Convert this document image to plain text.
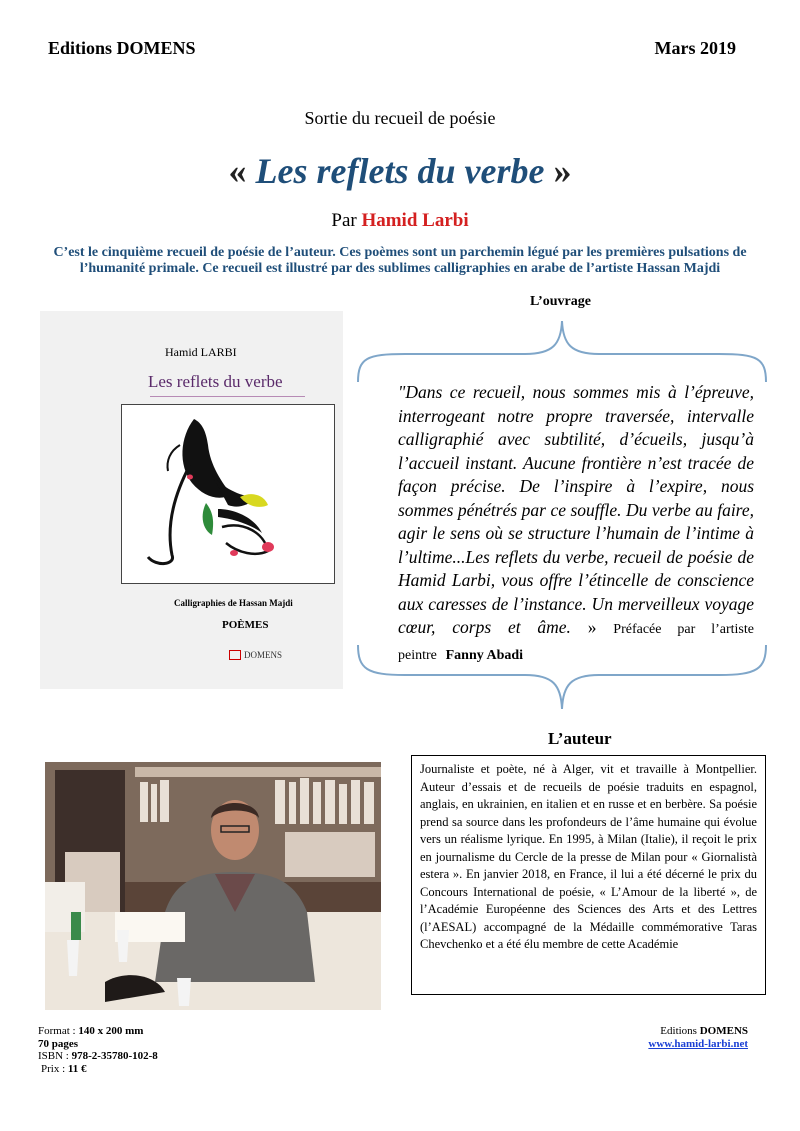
Editions DOMENS	Mars 2019
Sortie du recueil de poésie
« Les reflets du verbe »
Par Hamid Larbi
C’est le cinquième recueil de poésie de l’auteur. Ces poèmes sont un parchemin légué par les premières pulsations de l’humanité primale. Ce recueil est illustré par des sublimes calligraphies en arabe de l’artiste Hassan Majdi
L’ouvrage
Hamid LARBI
Les reflets du verbe
Calligraphies de Hassan Majdi
POÈMES
DOMENS
"Dans ce recueil, nous sommes mis à l’épreuve, interrogeant notre propre traversée, intervalle calligraphié avec subtilité, d’écueils, jusqu’à l’accueil instant. Aucune frontière n’est tracée de façon précise. De l’inspire à l’expire, nous sommes pénétrés par ce souffle. Du verbe au faire, agir le sens où se structure l’humain de l’intime à l’ultime...Les reflets du verbe, recueil de poésie de Hamid Larbi, vous offre l’étincelle de conscience aux caresses de l’instance. Un merveilleux voyage cœur, corps et âme. » Préfacée par l’artiste peintre Fanny Abadi
L’auteur
Journaliste et poète, né à Alger, vit et travaille à Montpellier. Auteur d’essais et de recueils de poésie traduits en espagnol, anglais, en ukrainien, en italien et en russe et en berbère. Sa poésie prend sa source dans les profondeurs de l’âme humaine qui évolue vers un réalisme lyrique. En 1995, à Milan (Italie), il reçoit le prix en journalisme du Cercle de la presse de Milan pour « Giornalistà estera ». En janvier 2018, en France, il lui a été décerné le prix du Concours International de poésie, « L’Amour de la liberté », de l’Académie Européenne des Sciences des Arts et des Lettres (l’AESAL) accompagné de la Médaille commémorative Taras Chevchenko et a été élu membre de cette Académie
Format : 140 x 200 mm
70 pages
ISBN : 978-2-35780-102-8
Prix : 11 €
Editions DOMENS
www.hamid-larbi.net
